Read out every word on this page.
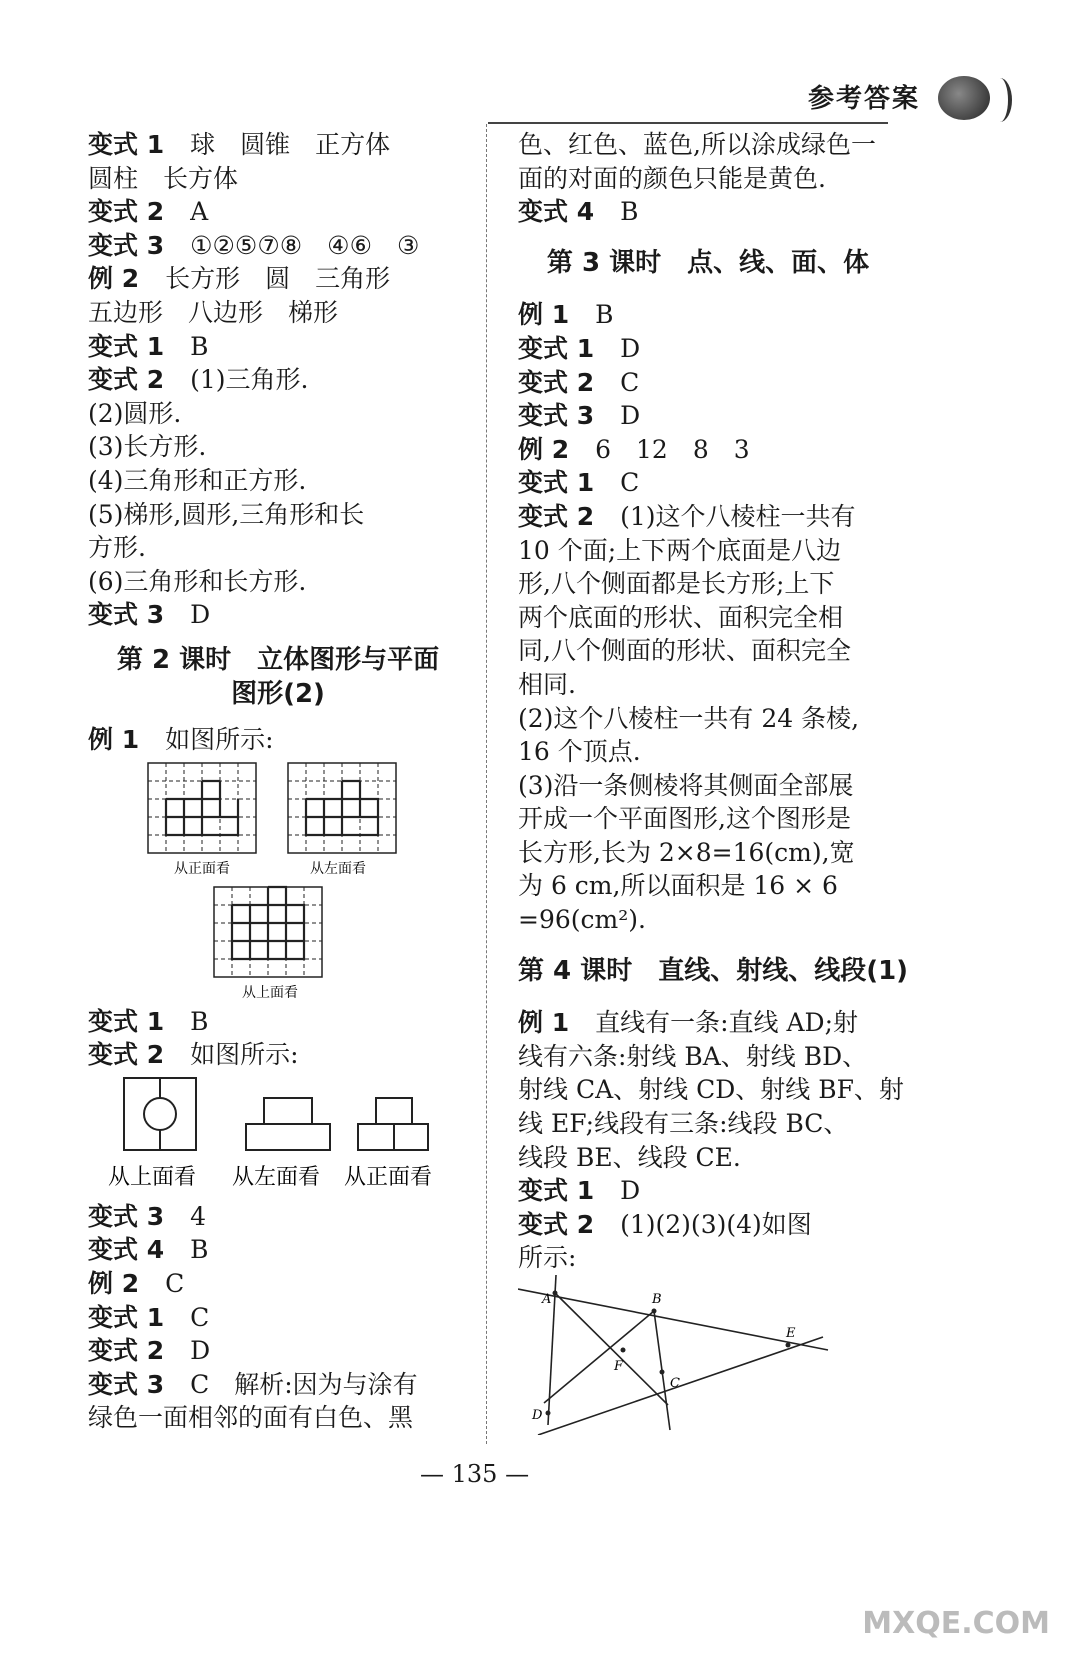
参考答案

变式 1 球　圆锥　正方体

圆柱　长方体

变式 2 A

变式 3 ①②⑤⑦⑧　④⑥　③

例 2 长方形　圆　三角形

五边形　八边形　梯形

变式 1 B

变式 2 (1)三角形.

(2)圆形.

(3)长方形.

(4)三角形和正方形.

(5)梯形,圆形,三角形和长

方形.

(6)三角形和长方形.

变式 3 D

第 2 课时　立体图形与平面

图形(2)

例 1 如图所示:

从正面看	从左面看
从上面看

变式 1 B

变式 2 如图所示:

从上面看 从左面看 从正面看

变式 3 4

变式 4 B

例 2 C

变式 1 C

变式 2 D

变式 3 C　解析:因为与涂有

绿色一面相邻的面有白色、黑

色、红色、蓝色,所以涂成绿色一

面的对面的颜色只能是黄色.

变式 4 B

第 3 课时　点、线、面、体

例 1 B

变式 1 D

变式 2 C

变式 3 D

例 2 6　12　8　3

变式 1 C

变式 2 (1)这个八棱柱一共有

10 个面;上下两个底面是八边

形,八个侧面都是长方形;上下

两个底面的形状、面积完全相

同,八个侧面的形状、面积完全

相同.

(2)这个八棱柱一共有 24 条棱,

16 个顶点.

(3)沿一条侧棱将其侧面全部展

开成一个平面图形,这个图形是

长方形,长为 2×8=16(cm),宽

为 6 cm,所以面积是 16 × 6

=96(cm²).

第 4 课时　直线、射线、线段(1)

例 1 直线有一条:直线 AD;射

线有六条:射线 BA、射线 BD、

射线 CA、射线 CD、射线 BF、射

线 EF;线段有三条:线段 BC、

线段 BE、线段 CE.

变式 1 D

变式 2 (1)(2)(3)(4)如图

所示:

A	B
C
D
E
F
— 135 —
MXQE.COM
